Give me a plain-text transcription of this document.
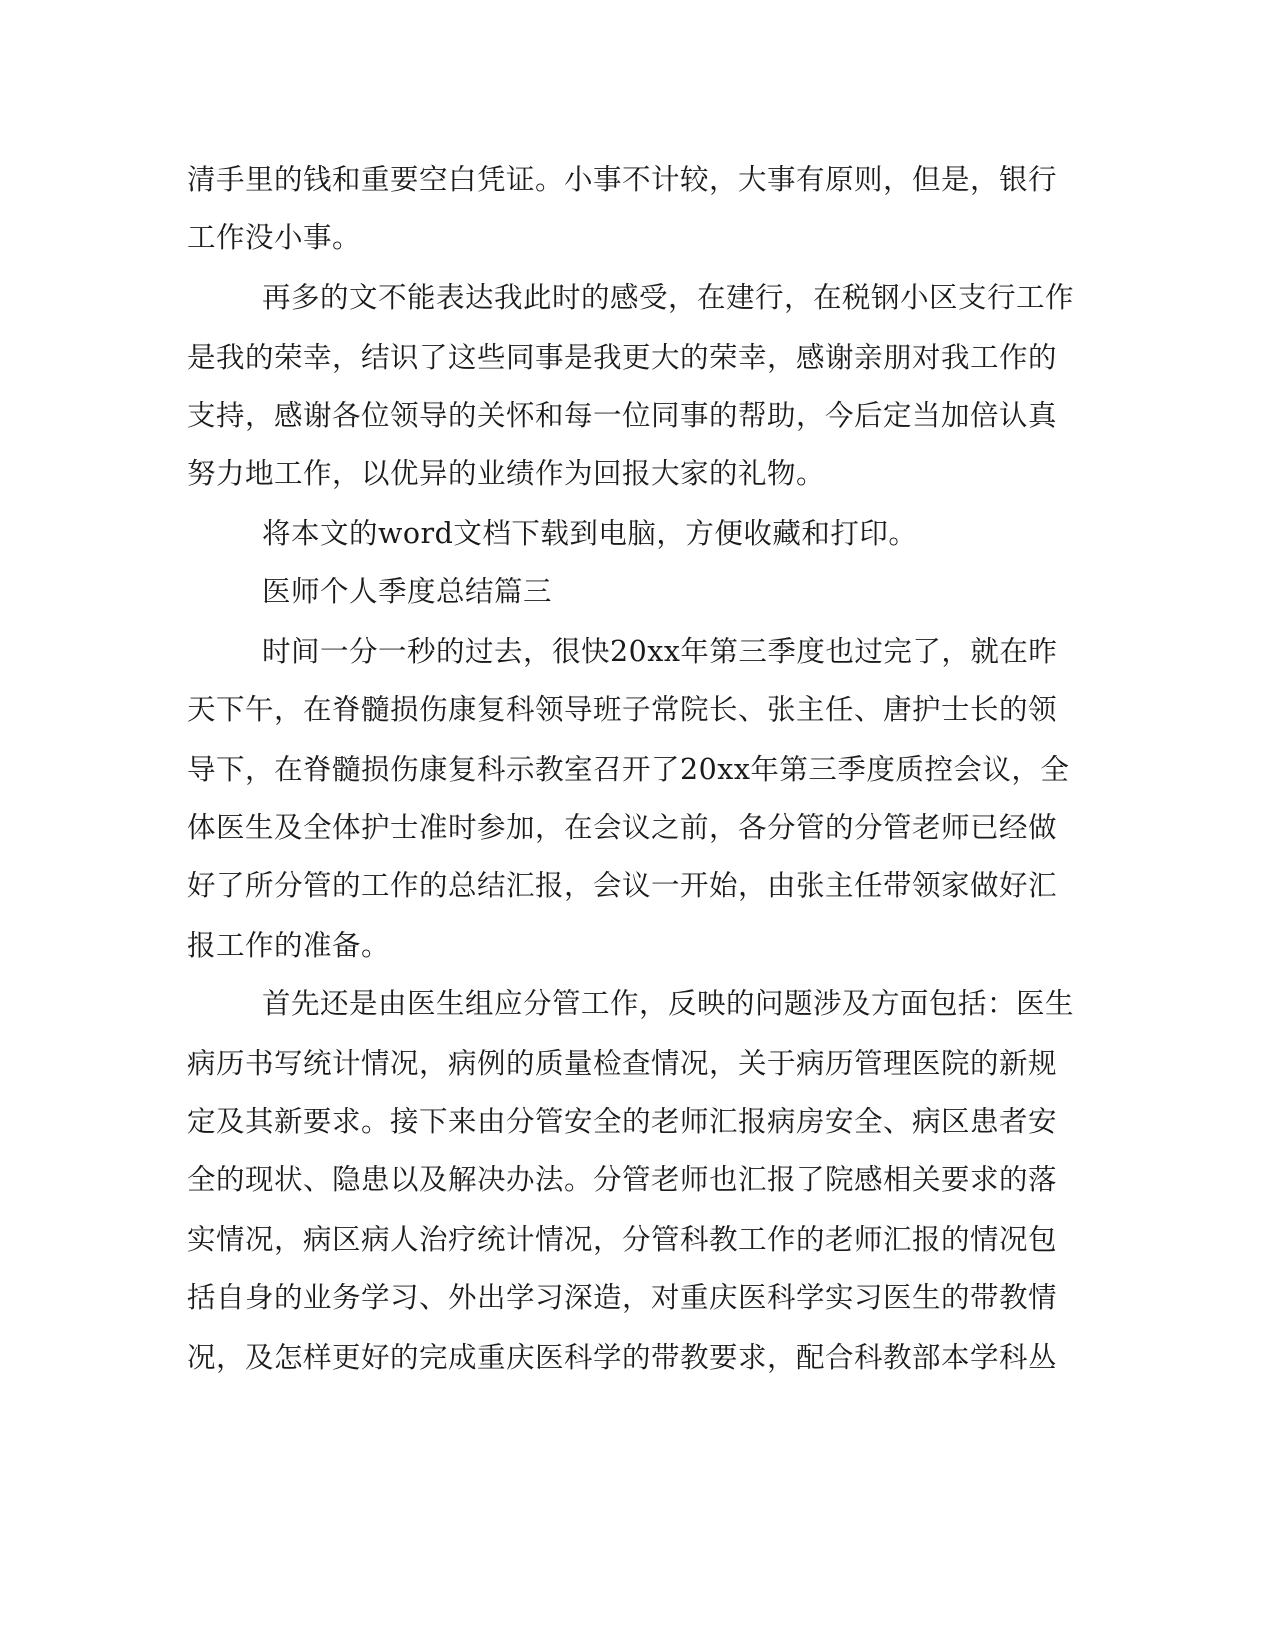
清手里的钱和重要空白凭证。小事不计较，大事有原则，但是，银行
工作没小事。
再多的文不能表达我此时的感受，在建行，在税钢小区支行工作
是我的荣幸，结识了这些同事是我更大的荣幸，感谢亲朋对我工作的
支持，感谢各位领导的关怀和每一位同事的帮助，今后定当加倍认真
努力地工作，以优异的业绩作为回报大家的礼物。
将本文的word文档下载到电脑，方便收藏和打印。
医师个人季度总结篇三
时间一分一秒的过去，很快20xx年第三季度也过完了，就在昨
天下午，在脊髓损伤康复科领导班子常院长、张主任、唐护士长的领
导下，在脊髓损伤康复科示教室召开了20xx年第三季度质控会议，全
体医生及全体护士准时参加，在会议之前，各分管的分管老师已经做
好了所分管的工作的总结汇报，会议一开始，由张主任带领家做好汇
报工作的准备。
首先还是由医生组应分管工作，反映的问题涉及方面包括：医生
病历书写统计情况，病例的质量检查情况，关于病历管理医院的新规
定及其新要求。接下来由分管安全的老师汇报病房安全、病区患者安
全的现状、隐患以及解决办法。分管老师也汇报了院感相关要求的落
实情况，病区病人治疗统计情况，分管科教工作的老师汇报的情况包
括自身的业务学习、外出学习深造，对重庆医科学实习医生的带教情
况，及怎样更好的完成重庆医科学的带教要求，配合科教部本学科丛
